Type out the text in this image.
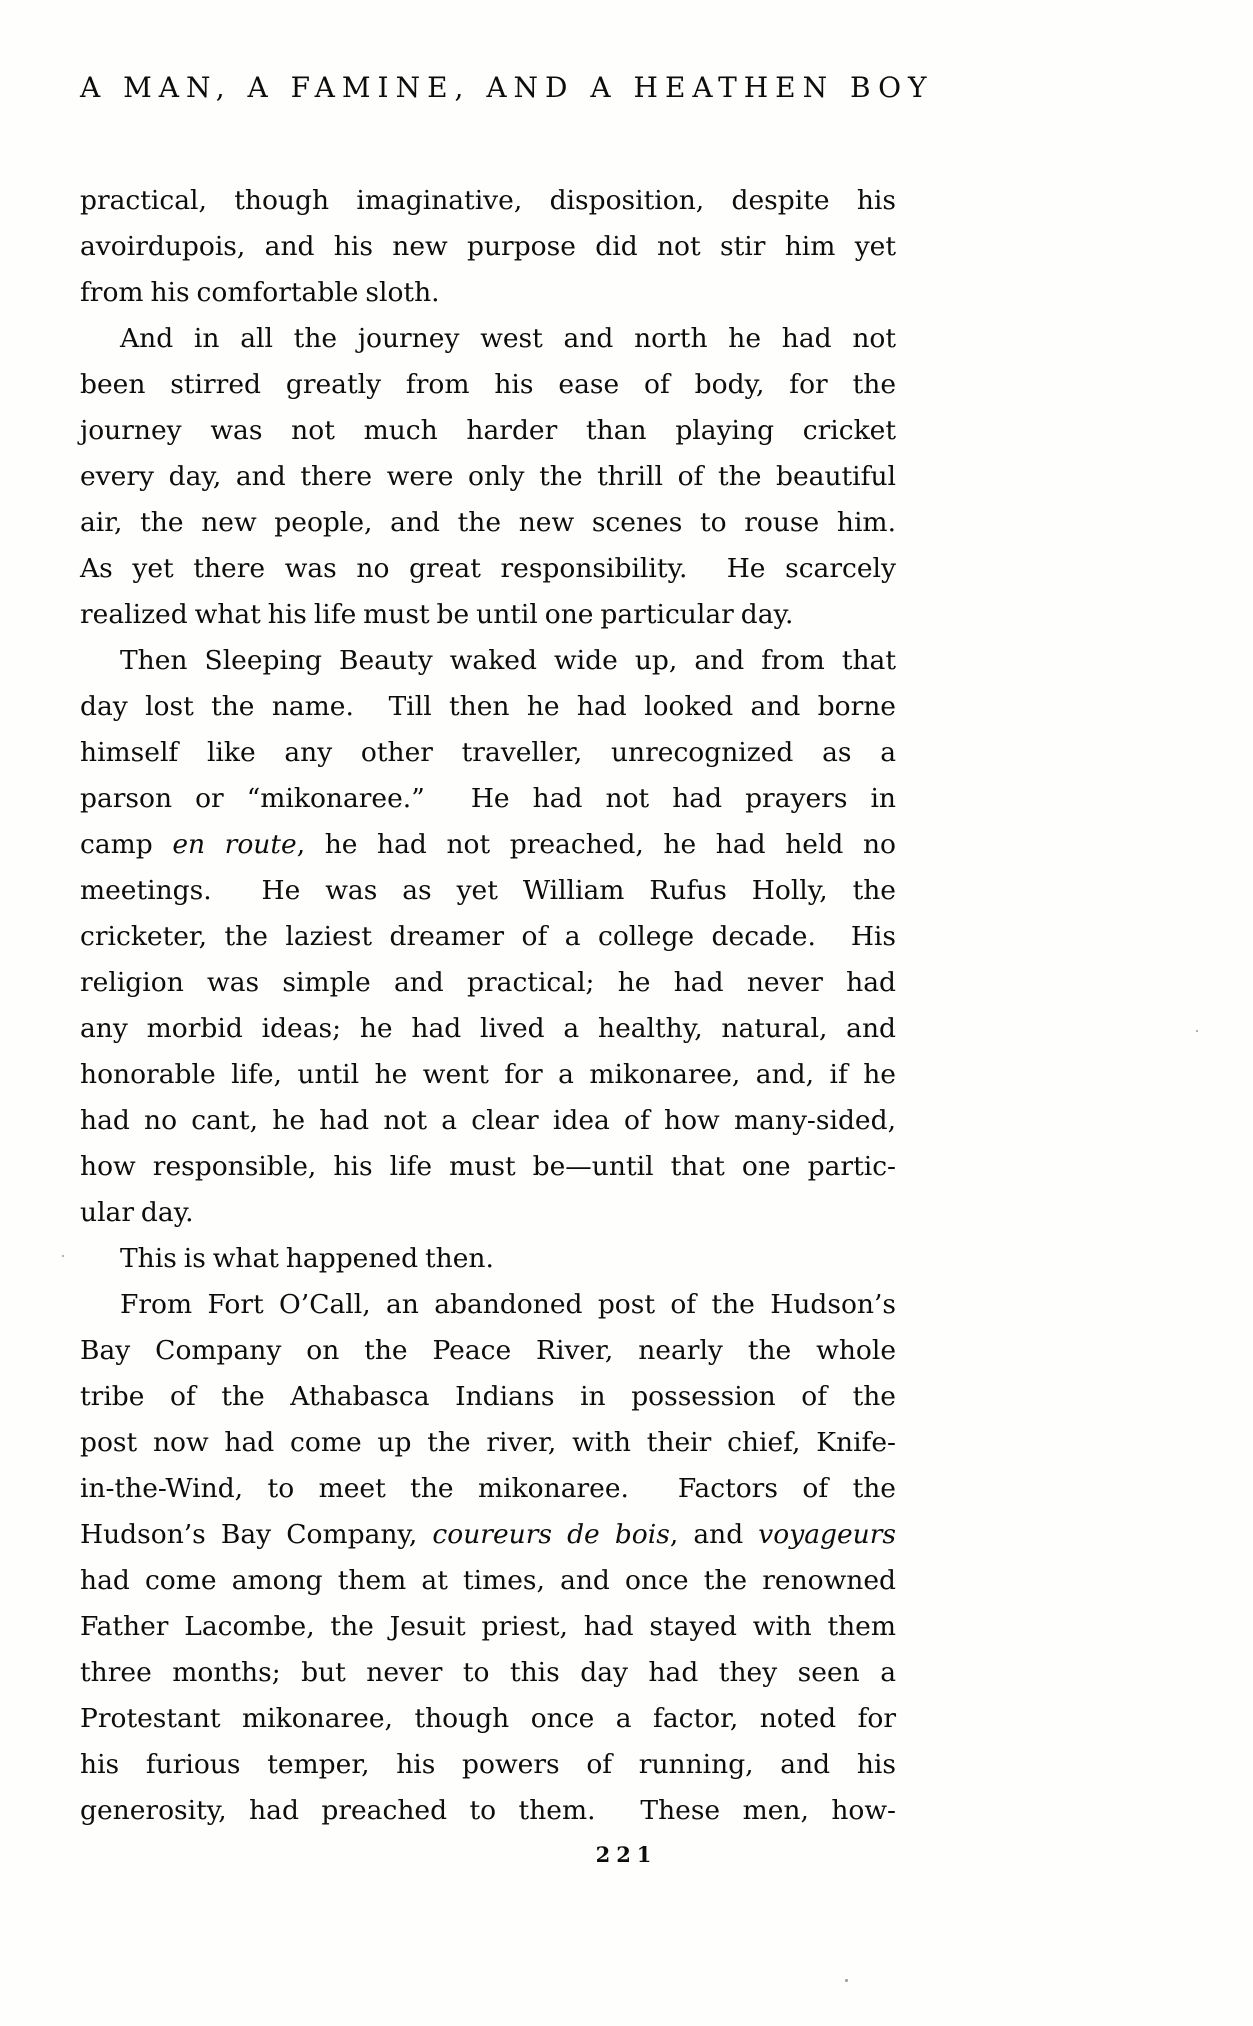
A MAN, A FAMINE, AND A HEATHEN BOY
practical, though imaginative, disposition, despite his
avoirdupois, and his new purpose did not stir him yet
from his comfortable sloth.
And in all the journey west and north he had not
been stirred greatly from his ease of body, for the
journey was not much harder than playing cricket
every day, and there were only the thrill of the beautiful
air, the new people, and the new scenes to rouse him.
As yet there was no great responsibility.  He scarcely
realized what his life must be until one particular day.
Then Sleeping Beauty waked wide up, and from that
day lost the name.  Till then he had looked and borne
himself like any other traveller, unrecognized as a
parson or “mikonaree.”  He had not had prayers in
camp en route, he had not preached, he had held no
meetings.  He was as yet William Rufus Holly, the
cricketer, the laziest dreamer of a college decade.  His
religion was simple and practical; he had never had
any morbid ideas; he had lived a healthy, natural, and
honorable life, until he went for a mikonaree, and, if he
had no cant, he had not a clear idea of how many-sided,
how responsible, his life must be—until that one partic-
ular day.
This is what happened then.
From Fort O’Call, an abandoned post of the Hudson’s
Bay Company on the Peace River, nearly the whole
tribe of the Athabasca Indians in possession of the
post now had come up the river, with their chief, Knife-
in-the-Wind, to meet the mikonaree.  Factors of the
Hudson’s Bay Company, coureurs de bois, and voyageurs
had come among them at times, and once the renowned
Father Lacombe, the Jesuit priest, had stayed with them
three months; but never to this day had they seen a
Protestant mikonaree, though once a factor, noted for
his furious temper, his powers of running, and his
generosity, had preached to them.  These men, how-
221
